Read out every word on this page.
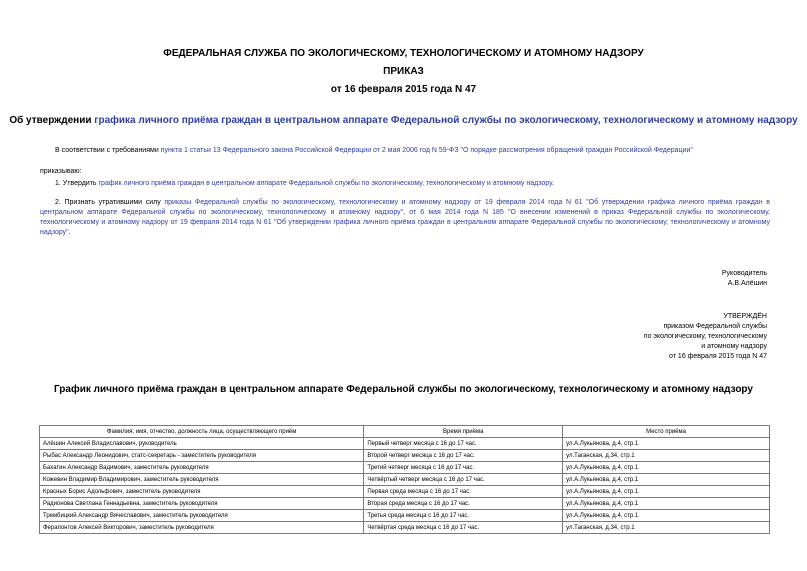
ФЕДЕРАЛЬНАЯ СЛУЖБА ПО ЭКОЛОГИЧЕСКОМУ, ТЕХНОЛОГИЧЕСКОМУ И АТОМНОМУ НАДЗОРУ
ПРИКАЗ
от 16 февраля 2015 года N 47
Об утверждении графика личного приёма граждан в центральном аппарате Федеральной службы по экологическому, технологическому и атомному надзору
В соответствии с требованиями пункта 1 статьи 13 Федерального закона Российской Федерации от 2 мая 2006 год N 59-ФЗ "О порядке рассмотрения обращений граждан Российской Федерации"
приказываю:
1. Утвердить график личного приёма граждан в центральном аппарате Федеральной службы по экологическому, технологическому и атомному надзору.
2. Признать утратившими силу приказы Федеральной службы по экологическому, технологическому и атомному надзору от 19 февраля 2014 года N 61 "Об утверждении графика личного приёма граждан в центральном аппарате Федеральной службы по экологическому, технологическому и атомному надзору", от 6 мая 2014 года N 185 "О внесении изменений в приказ Федеральной службы по экологическому, технологическому и атомному надзору от 19 февраля 2014 года N 61 "Об утверждении графика личного приёма граждан в центральном аппарате Федеральной службы по экологическому, технологическому и атомному надзору".
Руководитель
А.В.Алёшин
УТВЕРЖДЁН
приказом Федеральной службы
по экологическому, технологическому
и атомному надзору
от 16 февраля 2015 года N 47
График личного приёма граждан в центральном аппарате Федеральной службы по экологическому, технологическому и атомному надзору
Фамилия, имя, отчество, должность лица, осуществляющего приём	Время приёма	Место приёма
Алёшин Алексей Владиславович, руководитель	Первый четверг месяца с 16 до 17 час.	ул.А.Лукьянова, д.4, стр.1
Рыбас Александр Леонидович, статс-секретарь - заместитель руководителя	Второй четверг месяца с 16 до 17 час.	ул.Таганская, д.34, стр.1
Бахатин Александр Вадимович, заместитель руководителя	Третий четверг месяца с 16 до 17 час.	ул.А.Лукьянова, д.4, стр.1
Кожевин Владимир Владимирович, заместитель руководителя	Четвёртый четверг месяца с 16 до 17 час.	ул.А.Лукьянова, д.4, стр.1
Красных Борис Адольфович, заместитель руководителя	Первая среда месяца с 16 до 17 час.	ул.А.Лукьянова, д.4, стр.1
Радионова Светлана Геннадьевна, заместитель руководителя	Вторая среда месяца с 16 до 17 час.	ул.А.Лукьянова, д.4, стр.1
Трембицкий Александр Вячеславович, заместитель руководителя	Третья среда месяца с 16 до 17 час.	ул.А.Лукьянова, д.4, стр.1
Ферапонтов Алексей Викторович, заместитель руководителя	Четвёртая среда месяца с 16 до 17 час.	ул.Таганская, д.34, стр.1
